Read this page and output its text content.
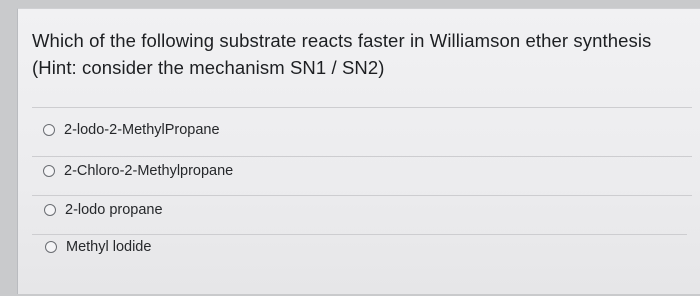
Which of the following substrate reacts faster in Williamson ether synthesis
(Hint: consider the mechanism SN1 / SN2)
2-lodo-2-MethylPropane
2-Chloro-2-Methylpropane
2-lodo propane
Methyl lodide
